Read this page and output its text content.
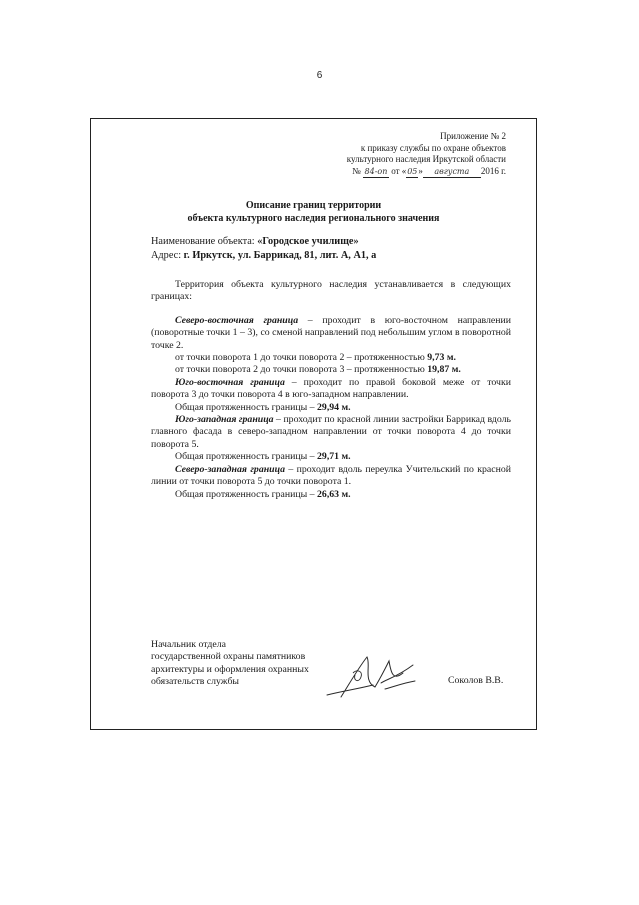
6
Приложение № 2
к приказу службы по охране объектов
культурного наследия Иркутской области
№ 84-оп от «05» августа 2016 г.
Описание границ территории
объекта культурного наследия регионального значения
Наименование объекта: «Городское училище»
Адрес: г. Иркутск, ул. Баррикад, 81, лит. А, А1, а

Территория объекта культурного наследия устанавливается в следующих границах:

Северо-восточная граница – проходит в юго-восточном направлении (поворотные точки 1 – 3), со сменой направлений под небольшим углом в поворотной точке 2.

от точки поворота 1 до точки поворота 2 – протяженностью 9,73 м.

от точки поворота 2 до точки поворота 3 – протяженностью 19,87 м.

Юго-восточная граница – проходит по правой боковой меже от точки поворота 3 до точки поворота 4 в юго-западном направлении.

Общая протяженность границы – 29,94 м.

Юго-западная граница – проходит по красной линии застройки Баррикад вдоль главного фасада в северо-западном направлении от точки поворота 4 до точки поворота 5.

Общая протяженность границы – 29,71 м.

Северо-западная граница – проходит вдоль переулка Учительский по красной линии от точки поворота 5 до точки поворота 1.

Общая протяженность границы – 26,63 м.

Начальник отдела
государственной охраны памятников
архитектуры и оформления охранных
обязательств службы	Соколов В.В.
